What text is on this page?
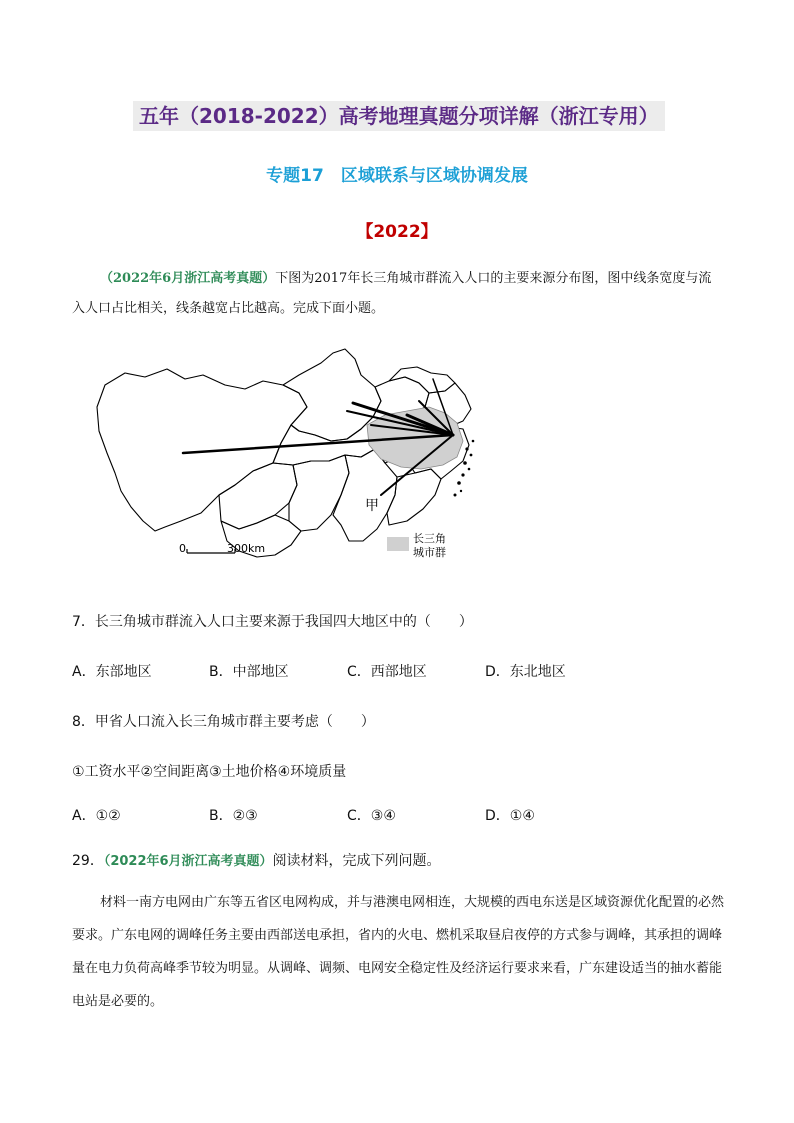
五年（2018-2022）高考地理真题分项详解（浙江专用）
专题17　区域联系与区域协调发展
【2022】
（2022年6月浙江高考真题）下图为2017年长三角城市群流入人口的主要来源分布图，图中线条宽度与流入人口占比相关，线条越宽占比越高。完成下面小题。
甲
0	300km
长三角
城市群
7．长三角城市群流入人口主要来源于我国四大地区中的（　　）
A．东部地区	B．中部地区	C．西部地区	D．东北地区
8．甲省人口流入长三角城市群主要考虑（　　）
①工资水平②空间距离③土地价格④环境质量
A．①②	B．②③	C．③④	D．①④
29．（2022年6月浙江高考真题）阅读材料，完成下列问题。
材料一南方电网由广东等五省区电网构成，并与港澳电网相连，大规模的西电东送是区域资源优化配置的必然要求。广东电网的调峰任务主要由西部送电承担，省内的火电、燃机采取昼启夜停的方式参与调峰，其承担的调峰量在电力负荷高峰季节较为明显。从调峰、调频、电网安全稳定性及经济运行要求来看，广东建设适当的抽水蓄能电站是必要的。
